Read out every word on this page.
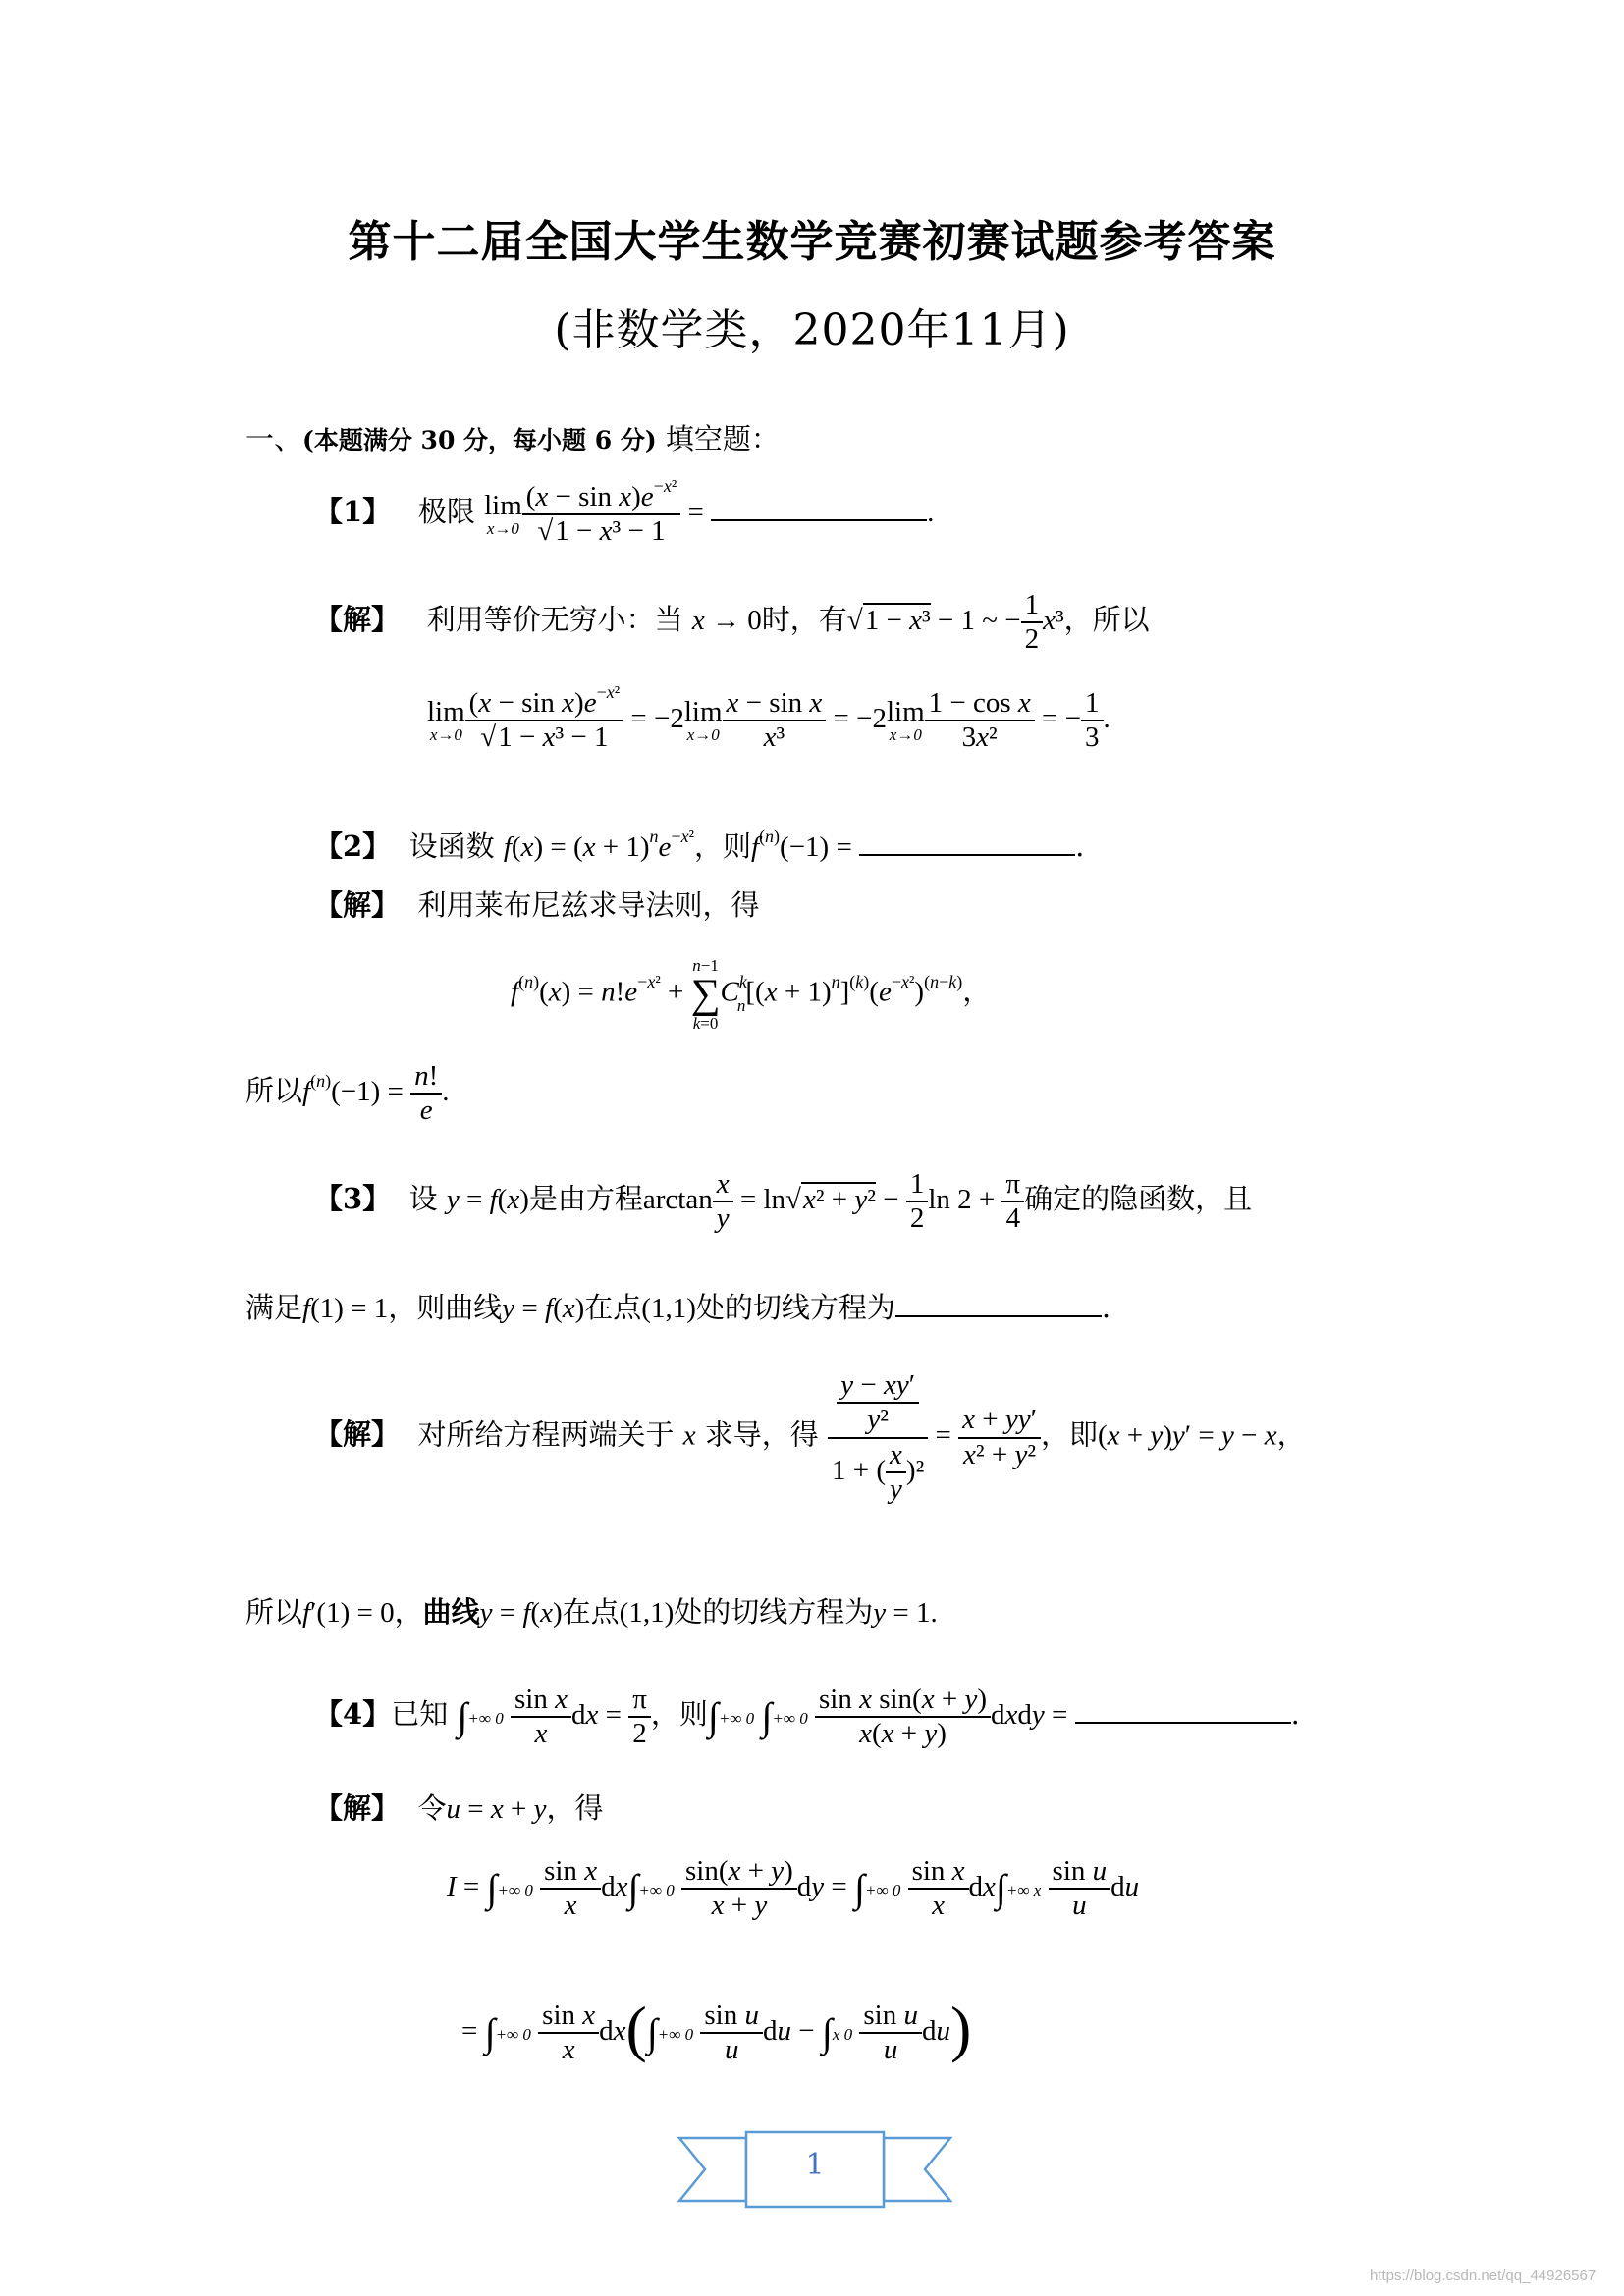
第十二届全国大学生数学竞赛初赛试题参考答案
(非数学类，2020年11月)
一、(本题满分 30 分，每小题 6 分) 填空题：
【1】 极限 lim
$x\to 0 \frac{(x - \sin x)e^{-x^2}}{\text{√1 − x³ − 1}}$ =	.
【解】 利用等价无穷小：当 x → 0时，有√1 − x³ − 1 ~ − $\frac{1}{2} x^3$，所以
lim
$x\to 0 \frac{(x - \sin x)e^{-x^2}}{\text{√1 − x³ − 1}} = -2\lim$
$x\to 0 \frac{\text{x − sin x}}{\text{x³}} = -2\lim$
$x\to 0 \frac{\text{1 − cos x}}{\text{3x²}}$ = − $\frac{1}{3}$ .
【2】 设函数 $f(x) = (x + 1)^ne^{-x^2}$，则$f^{(n)}(-1)$ =	.
【解】 利用莱布尼兹求导法则，得
$f^{(n)}(x) = n!e^{-x^2}$ +
n−1
∑
k=0
$C^k_n[(x + 1)^n]^{(k)}(e^{-x^2})^{(n-k)}$，
所以$f^{(n)}(-1) = \frac{n!}{e}$ .
【3】 设 y = f(x)是由方程$\arctan \frac{x}{y} = \ln√x^2 + y^2 - \frac{1}{2}$ $\ln 2 + \frac{\pi}{4}$ 确定的隐函数，且
满足f(1) = 1，则曲线y = f(x)在点(1,1)处的切线方程为	.
【解】 对所给方程两端关于 x 求导，得 $\frac{\frac{y - xy'}{\text{y²}}}{1 + ( \frac{x}{y} )^2} = \frac{x + yy'}{\text{x² + y²}}$ ，即(x + y)y′ = y − x，
所以f′(1) = 0，曲线y = f(x)在点(1,1)处的切线方程为y = 1.
【4】已知 ∫+∞ $0 \frac{\text{sin x}}{x}$ dx = $\frac{\pi}{2}$ ，则∫+∞ 0 ∫+∞ $0 \frac{\text{sin x sin(x + y)}}{x(x + y)}$ dxdy =	.
【解】 令u = x + y，得
I = ∫+∞ $0 \frac{\text{sin x}}{x} dx\int+\infty$ $0 \frac{\sin(x + y)}{x + y}$ dy = ∫+∞ $0 \frac{\text{sin x}}{x} dx\int+\infty$ x $\frac{\text{sin u}}{u}$ du
= ∫+∞ $0 \frac{\text{sin x}}{x} dx(\int+\infty$ $0 \frac{\text{sin u}}{u}$ du − ∫x $0 \frac{\text{sin u}}{u} du$)
1
https://blog.csdn.net/qq_44926567
